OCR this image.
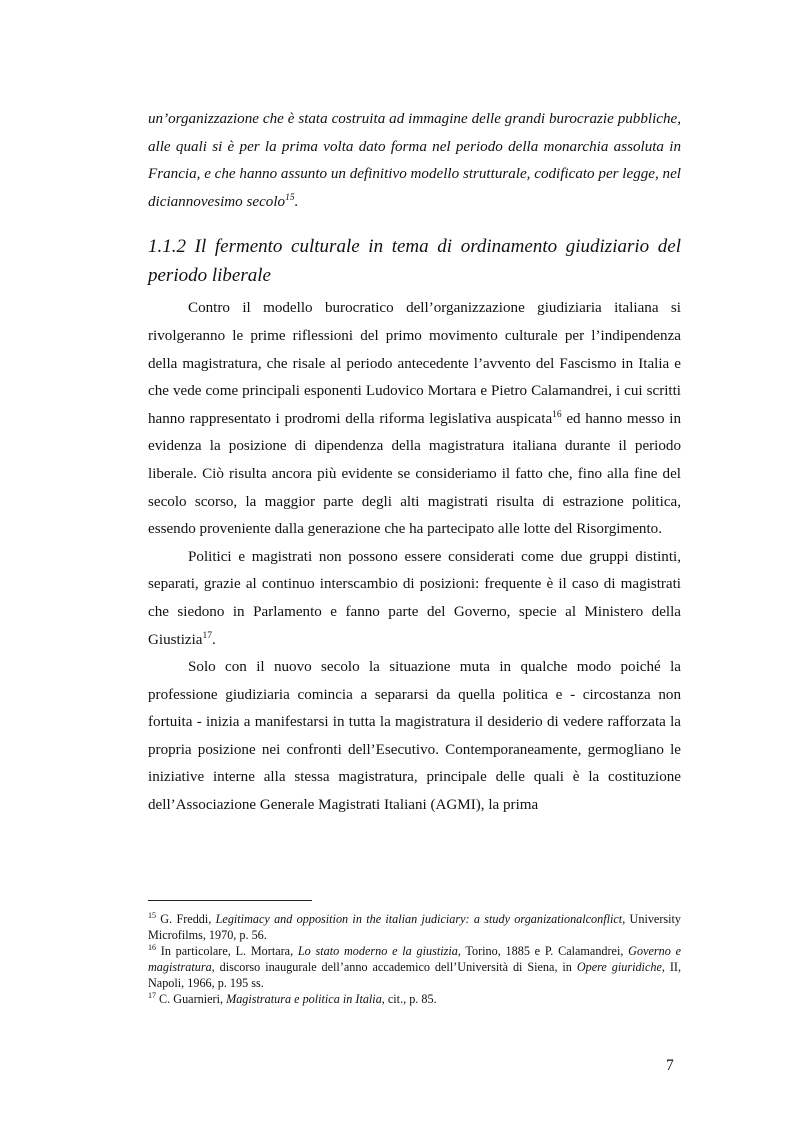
un’organizzazione che è stata costruita ad immagine delle grandi burocrazie pubbliche, alle quali si è per la prima volta dato forma nel periodo della monarchia assoluta in Francia, e che hanno assunto un definitivo modello strutturale, codificato per legge, nel diciannovesimo secolo$^{15}$.

1.1.2 Il fermento culturale in tema di ordinamento giudiziario del periodo liberale

Contro il modello burocratico dell’organizzazione giudiziaria italiana si rivolgeranno le prime riflessioni del primo movimento culturale per l’indipendenza della magistratura, che risale al periodo antecedente l’avvento del Fascismo in Italia e che vede come principali esponenti Ludovico Mortara e Pietro Calamandrei, i cui scritti hanno rappresentato i prodromi della riforma legislativa auspicata$^{16}$ ed hanno messo in evidenza la posizione di dipendenza della magistratura italiana durante il periodo liberale. Ciò risulta ancora più evidente se consideriamo il fatto che, fino alla fine del secolo scorso, la maggior parte degli alti magistrati risulta di estrazione politica, essendo proveniente dalla generazione che ha partecipato alle lotte del Risorgimento.

Politici e magistrati non possono essere considerati come due gruppi distinti, separati, grazie al continuo interscambio di posizioni: frequente è il caso di magistrati che siedono in Parlamento e fanno parte del Governo, specie al Ministero della Giustizia$^{17}$.

Solo con il nuovo secolo la situazione muta in qualche modo poiché la professione giudiziaria comincia a separarsi da quella politica e - circostanza non fortuita - inizia a manifestarsi in tutta la magistratura il desiderio di vedere rafforzata la propria posizione nei confronti dell’Esecutivo. Contemporaneamente, germogliano le iniziative interne alla stessa magistratura, principale delle quali è la costituzione dell’Associazione Generale Magistrati Italiani (AGMI), la prima

$^{15}$ G. Freddi, Legitimacy and opposition in the italian judiciary: a study organizationalconflict, University Microfilms, 1970, p. 56.

$^{16}$ In particolare, L. Mortara, Lo stato moderno e la giustizia, Torino, 1885 e P. Calamandrei, Governo e magistratura, discorso inaugurale dell’anno accademico dell’Università di Siena, in Opere giuridiche, II, Napoli, 1966, p. 195 ss.

$^{17}$ C. Guarnieri, Magistratura e politica in Italia, cit., p. 85.

7
